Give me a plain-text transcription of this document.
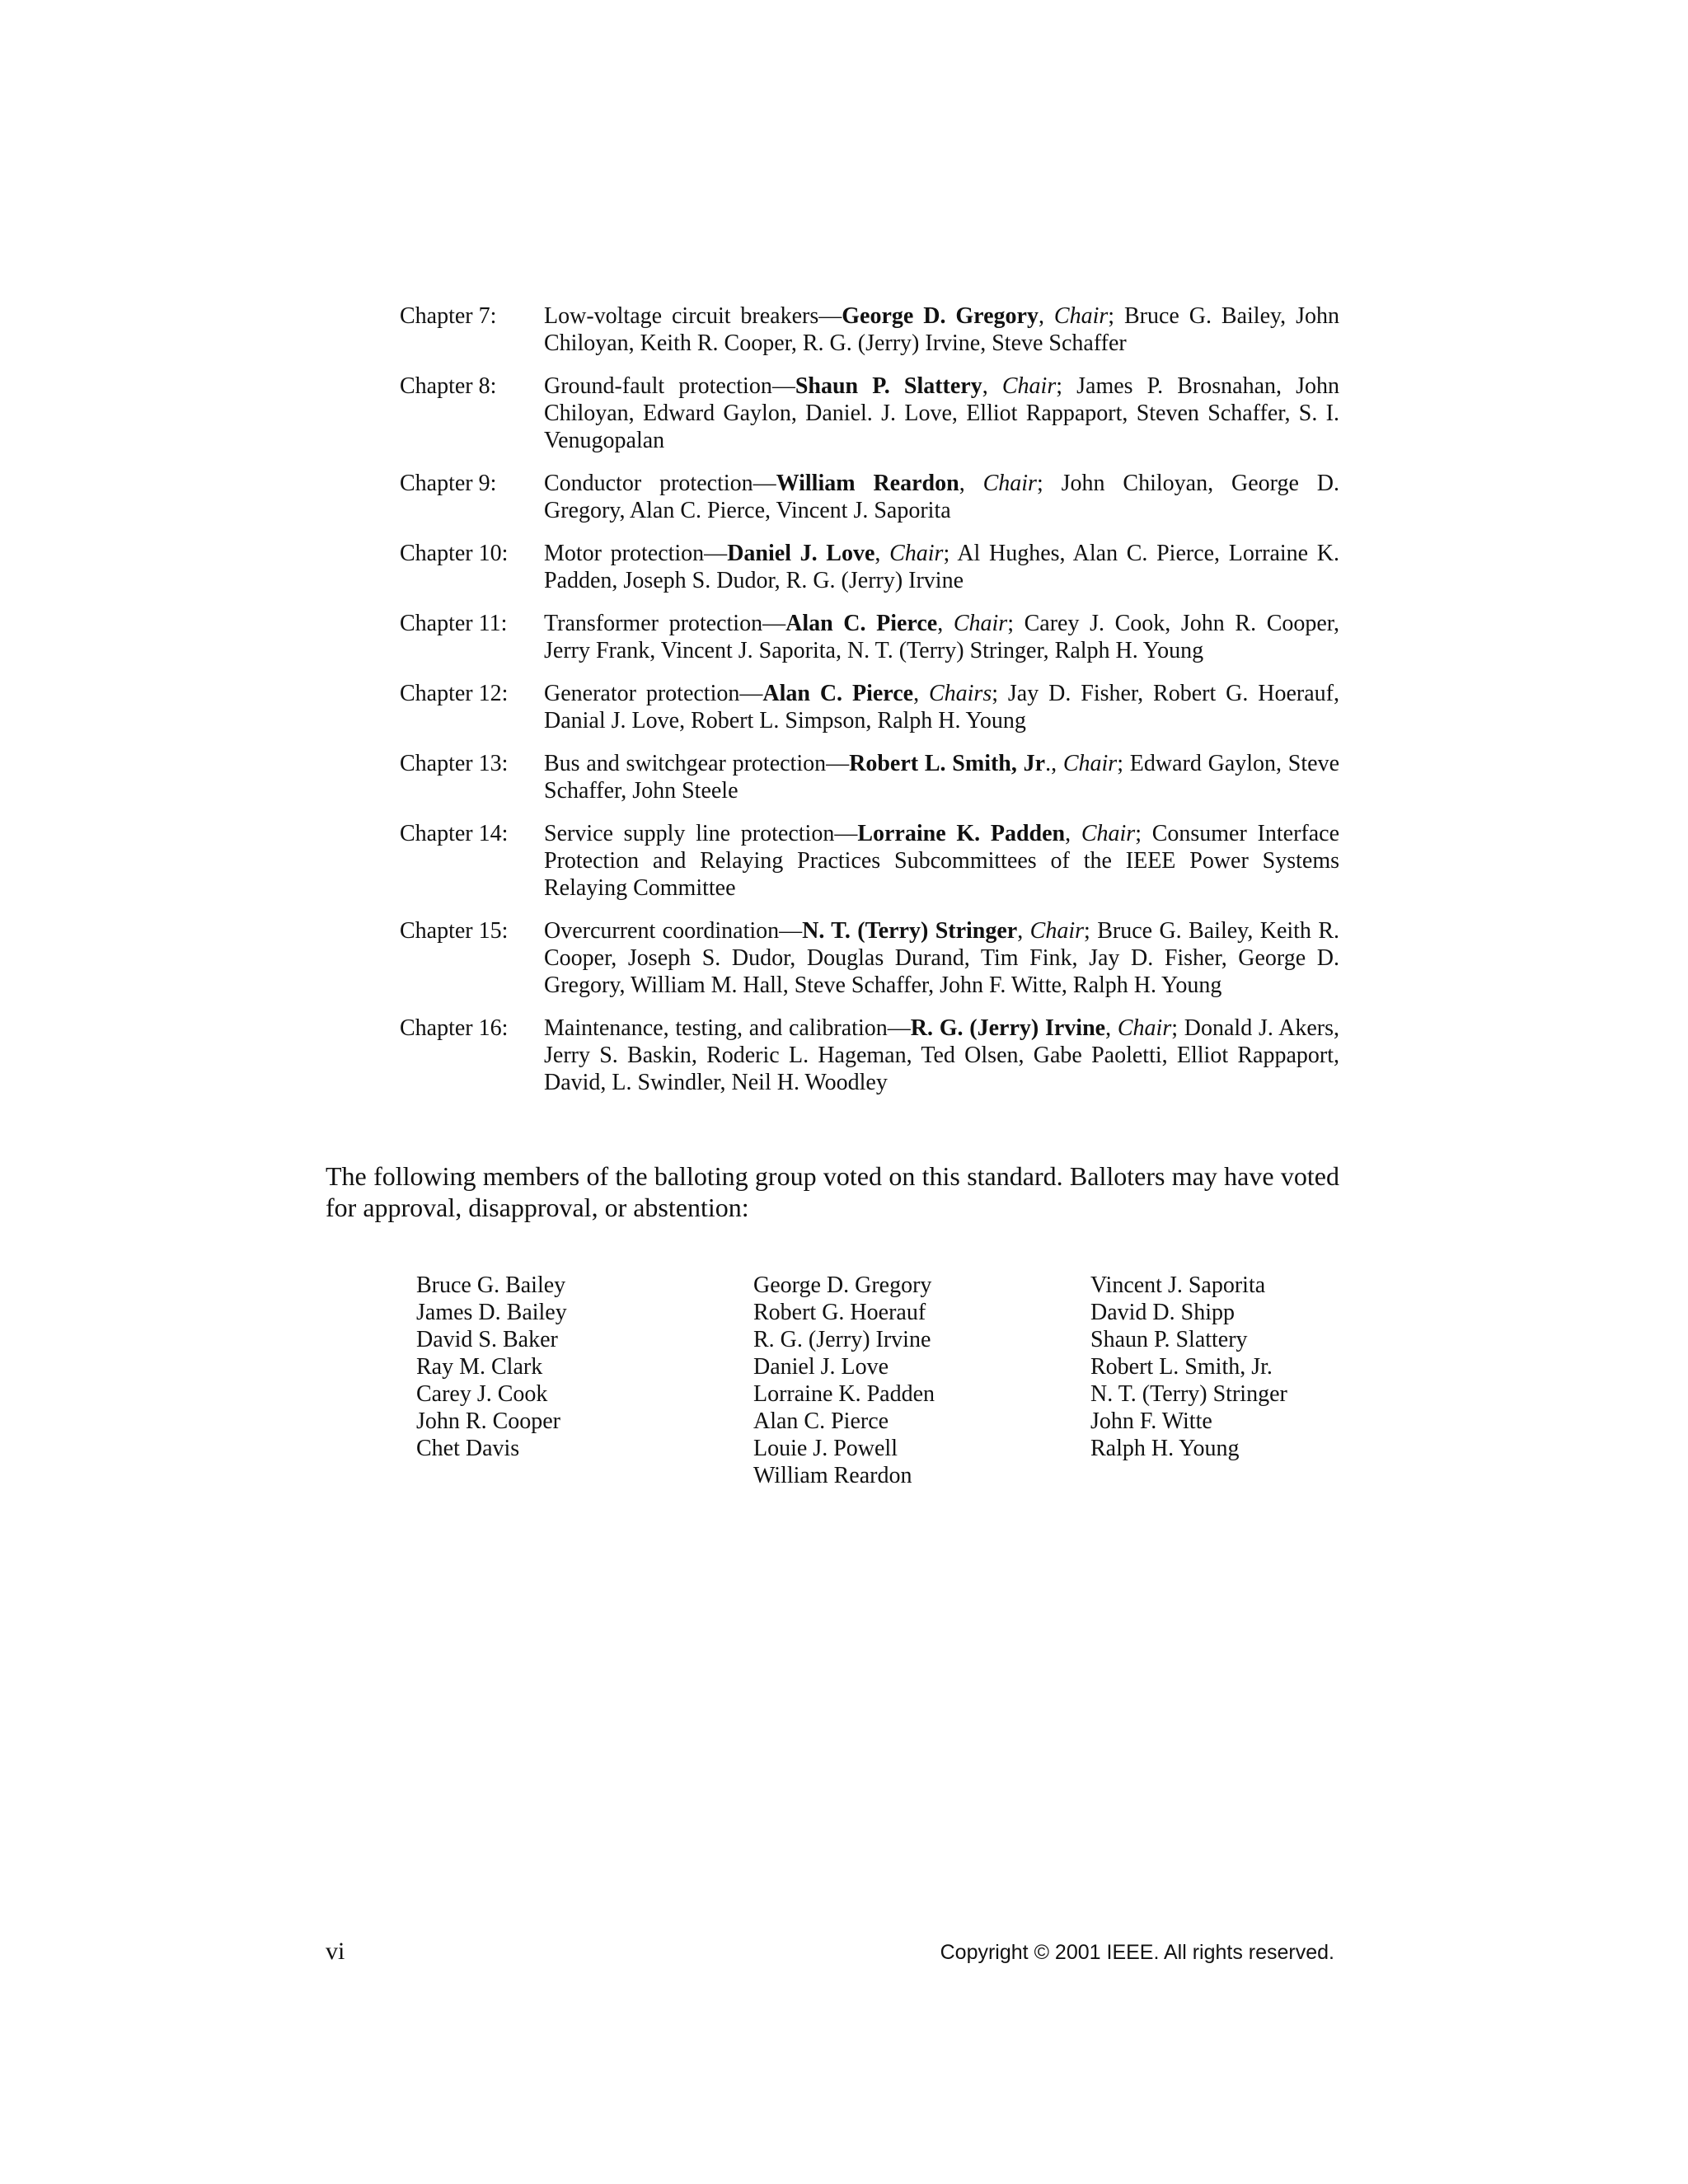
Chapter 7:	Low-voltage circuit breakers—George D. Gregory, Chair; Bruce G. Bailey, John Chiloyan, Keith R. Cooper, R. G. (Jerry) Irvine, Steve Schaffer
Chapter 8:	Ground-fault protection—Shaun P. Slattery, Chair; James P. Brosnahan, John Chiloyan, Edward Gaylon, Daniel. J. Love, Elliot Rappaport, Steven Schaffer, S. I. Venugopalan
Chapter 9:	Conductor protection—William Reardon, Chair; John Chiloyan, George D. Gregory, Alan C. Pierce, Vincent J. Saporita
Chapter 10:	Motor protection—Daniel J. Love, Chair; Al Hughes, Alan C. Pierce, Lorraine K. Padden, Joseph S. Dudor, R. G. (Jerry) Irvine
Chapter 11:	Transformer protection—Alan C. Pierce, Chair; Carey J. Cook, John R. Cooper, Jerry Frank, Vincent J. Saporita, N. T. (Terry) Stringer, Ralph H. Young
Chapter 12:	Generator protection—Alan C. Pierce, Chairs; Jay D. Fisher, Robert G. Hoerauf, Danial J. Love, Robert L. Simpson, Ralph H. Young
Chapter 13:	Bus and switchgear protection—Robert L. Smith, Jr., Chair; Edward Gaylon, Steve Schaffer, John Steele
Chapter 14:	Service supply line protection—Lorraine K. Padden, Chair; Consumer Interface Protection and Relaying Practices Subcommittees of the IEEE Power Systems Relaying Committee
Chapter 15:	Overcurrent coordination—N. T. (Terry) Stringer, Chair; Bruce G. Bailey, Keith R. Cooper, Joseph S. Dudor, Douglas Durand, Tim Fink, Jay D. Fisher, George D. Gregory, William M. Hall, Steve Schaffer, John F. Witte, Ralph H. Young
Chapter 16:	Maintenance, testing, and calibration—R. G. (Jerry) Irvine, Chair; Donald J. Akers, Jerry S. Baskin, Roderic L. Hageman, Ted Olsen, Gabe Paoletti, Elliot Rappaport, David, L. Swindler, Neil H. Woodley

The following members of the balloting group voted on this standard. Balloters may have voted for approval, disapproval, or abstention:

Bruce G. Bailey
James D. Bailey
David S. Baker
Ray M. Clark
Carey J. Cook
John R. Cooper
Chet Davis
George D. Gregory
Robert G. Hoerauf
R. G. (Jerry) Irvine
Daniel J. Love
Lorraine K. Padden
Alan C. Pierce
Louie J. Powell
William Reardon
Vincent J. Saporita
David D. Shipp
Shaun P. Slattery
Robert L. Smith, Jr.
N. T. (Terry) Stringer
John F. Witte
Ralph H. Young
vi	Copyright © 2001 IEEE. All rights reserved.
